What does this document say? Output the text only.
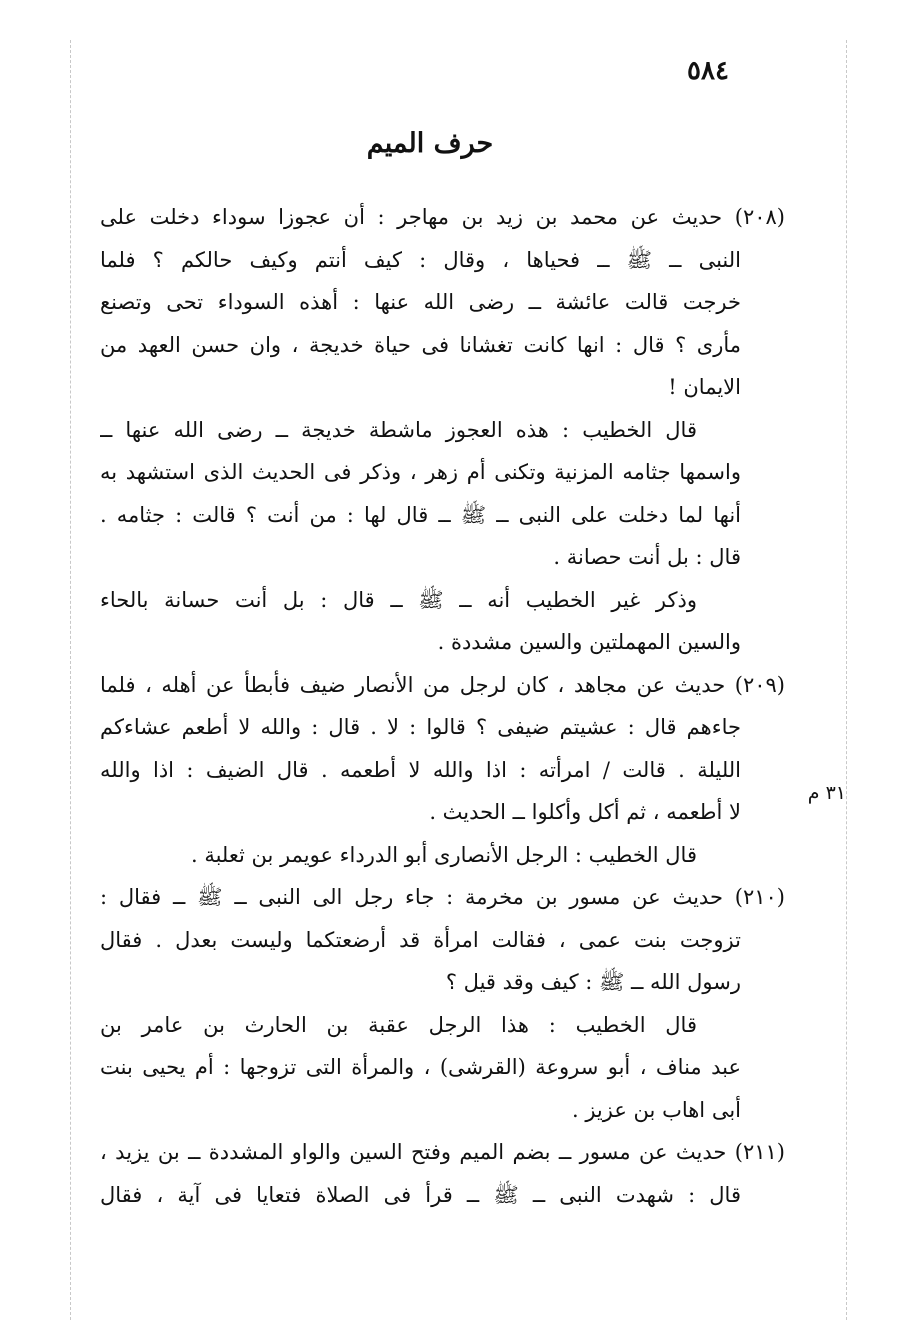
٥٨٤
حرف الميم
٣١ م
(٢٠٨) حديث عن محمد بن زيد بن مهاجر : أن عجوزا سوداء دخلت على
النبى ــ ﷺ ــ فحياها ، وقال : كيف أنتم وكيف حالكم ؟ فلما
خرجت قالت عائشة ــ رضى الله عنها : أهذه السوداء تحى وتصنع
مأرى ؟ قال : انها كانت تغشانا فى حياة خديجة ، وان حسن العهد من
الايمان !
قال الخطيب : هذه العجوز ماشطة خديجة ــ رضى الله عنها ــ
واسمها جثامه المزنية وتكنى أم زهر ، وذكر فى الحديث الذى استشهد به
أنها لما دخلت على النبى ــ ﷺ ــ قال لها : من أنت ؟ قالت : جثامه .
قال : بل أنت حصانة .
وذكر غير الخطيب أنه ــ ﷺ ــ قال : بل أنت حسانة بالحاء
والسين المهملتين والسين مشددة .
(٢٠٩) حديث عن مجاهد ، كان لرجل من الأنصار ضيف فأبطأ عن أهله ، فلما
جاءهم قال : عشيتم ضيفى ؟ قالوا : لا . قال : والله لا أطعم عشاءكم
الليلة . قالت / امرأته : اذا والله لا أطعمه . قال الضيف : اذا والله
لا أطعمه ، ثم أكل وأكلوا ــ الحديث .
قال الخطيب : الرجل الأنصارى أبو الدرداء عويمر بن ثعلبة .
(٢١٠) حديث عن مسور بن مخرمة : جاء رجل الى النبى ــ ﷺ ــ فقال :
تزوجت بنت عمى ، فقالت امرأة قد أرضعتكما وليست بعدل . فقال
رسول الله ــ ﷺ : كيف وقد قيل ؟
قال الخطيب : هذا الرجل عقبة بن الحارث بن عامر بن
عبد مناف ، أبو سروعة (القرشى) ، والمرأة التى تزوجها : أم يحيى بنت
أبى اهاب بن عزيز .
(٢١١) حديث عن مسور ــ بضم الميم وفتح السين والواو المشددة ــ بن يزيد ،
قال : شهدت النبى ــ ﷺ ــ قرأ فى الصلاة فتعايا فى آية ، فقال
